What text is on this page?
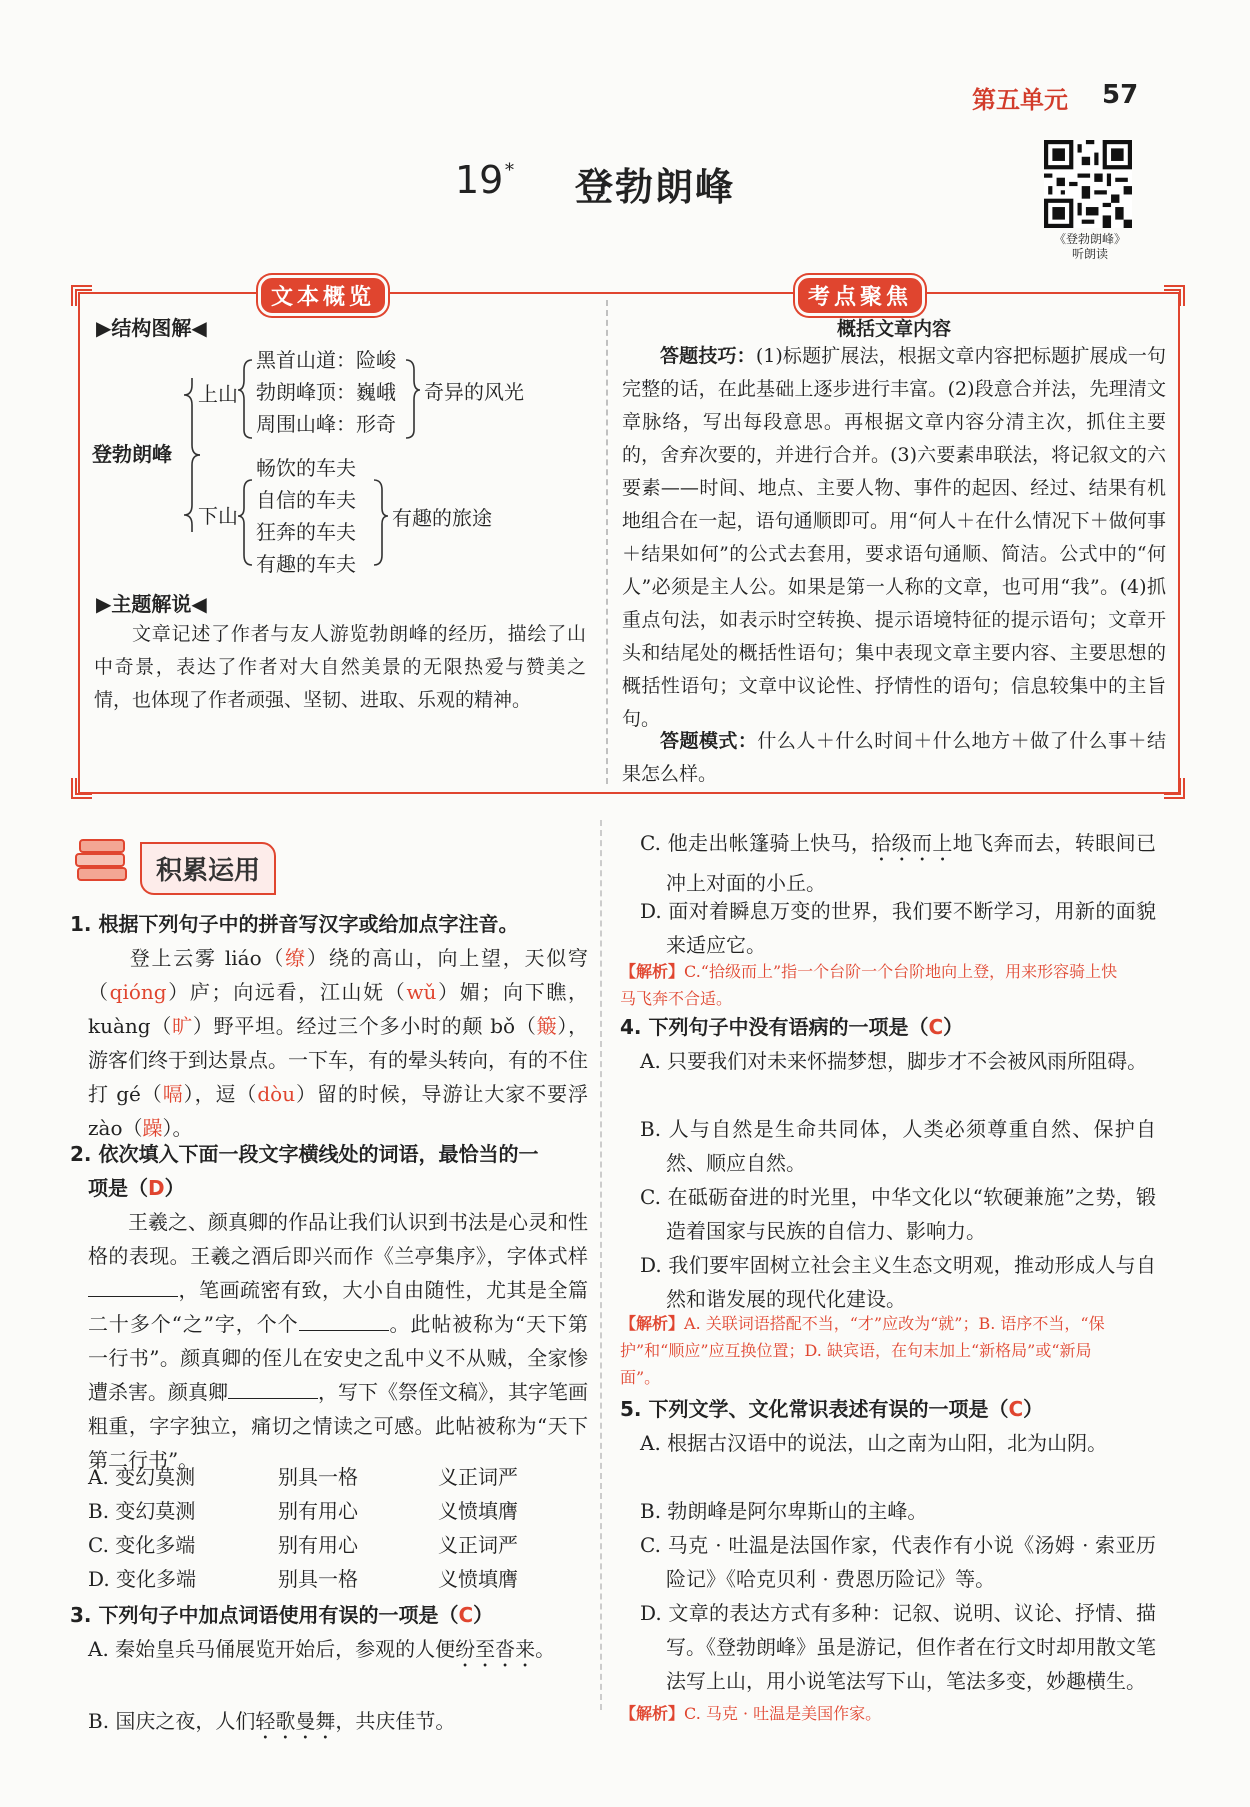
第五单元 57
19 * 登勃朗峰
《登勃朗峰》
听朗读
文本概览	考点聚焦
▶结构图解◀
登勃朗峰
上山
下山
黑首山道：险峻
勃朗峰顶：巍峨
周围山峰：形奇
奇异的风光
畅饮的车夫
自信的车夫
狂奔的车夫
有趣的车夫
有趣的旅途
▶主题解说◀
文章记述了作者与友人游览勃朗峰的经历，描绘了山中奇景，表达了作者对大自然美景的无限热爱与赞美之情，也体现了作者顽强、坚韧、进取、乐观的精神。
概括文章内容
答题技巧：(1)标题扩展法，根据文章内容把标题扩展成一句完整的话，在此基础上逐步进行丰富。(2)段意合并法，先理清文章脉络，写出每段意思。再根据文章内容分清主次，抓住主要的，舍弃次要的，并进行合并。(3)六要素串联法，将记叙文的六要素——时间、地点、主要人物、事件的起因、经过、结果有机地组合在一起，语句通顺即可。用“何人＋在什么情况下＋做何事＋结果如何”的公式去套用，要求语句通顺、简洁。公式中的“何人”必须是主人公。如果是第一人称的文章，也可用“我”。(4)抓重点句法，如表示时空转换、提示语境特征的提示语句；文章开头和结尾处的概括性语句；集中表现文章主要内容、主要思想的概括性语句；文章中议论性、抒情性的语句；信息较集中的主旨句。
答题模式：什么人＋什么时间＋什么地方＋做了什么事＋结果怎么样。
积累运用
1. 根据下列句子中的拼音写汉字或给加点字注音。
登上云雾 liáo（缭）绕的高山，向上望，天似穹（qióng）庐；向远看，江山妩（wǔ）媚；向下瞧，kuàng（旷）野平坦。经过三个多小时的颠 bǒ（簸），游客们终于到达景点。一下车，有的晕头转向，有的不住打 gé（嗝），逗（dòu）留的时候，导游让大家不要浮 zào（躁）。
2. 依次填入下面一段文字横线处的词语，最恰当的一
项是（D）
王羲之、颜真卿的作品让我们认识到书法是心灵和性格的表现。王羲之酒后即兴而作《兰亭集序》，字体式样，笔画疏密有致，大小自由随性，尤其是全篇二十多个“之”字，个个	。此帖被称为“天下第一行书”。颜真卿的侄儿在安史之乱中义不从贼，全家惨遭杀害。颜真卿	，写下《祭侄文稿》，其字笔画粗重，字字独立，痛切之情读之可感。此帖被称为“天下第二行书”。
A. 变幻莫测	别具一格	义正词严
B. 变幻莫测	别有用心	义愤填膺
C. 变化多端	别有用心	义正词严
D. 变化多端	别具一格	义愤填膺
3. 下列句子中加点词语使用有误的一项是（C）
A. 秦始皇兵马俑展览开始后，参观的人便纷至沓来。
B. 国庆之夜，人们轻歌曼舞，共庆佳节。
C. 他走出帐篷骑上快马，拾级而上地飞奔而去，转眼间已冲上对面的小丘。
D. 面对着瞬息万变的世界，我们要不断学习，用新的面貌来适应它。
【解析】C.“拾级而上”指一个台阶一个台阶地向上登，用来形容骑上快马飞奔不合适。
4. 下列句子中没有语病的一项是（C）
A. 只要我们对未来怀揣梦想，脚步才不会被风雨所阻碍。
B. 人与自然是生命共同体，人类必须尊重自然、保护自然、顺应自然。
C. 在砥砺奋进的时光里，中华文化以“软硬兼施”之势，锻造着国家与民族的自信力、影响力。
D. 我们要牢固树立社会主义生态文明观，推动形成人与自然和谐发展的现代化建设。
【解析】A. 关联词语搭配不当，“才”应改为“就”；B. 语序不当，“保护”和“顺应”应互换位置；D. 缺宾语，在句末加上“新格局”或“新局面”。
5. 下列文学、文化常识表述有误的一项是（C）
A. 根据古汉语中的说法，山之南为山阳，北为山阴。
B. 勃朗峰是阿尔卑斯山的主峰。
C. 马克 · 吐温是法国作家，代表作有小说《汤姆 · 索亚历险记》《哈克贝利 · 费恩历险记》等。
D. 文章的表达方式有多种：记叙、说明、议论、抒情、描写。《登勃朗峰》虽是游记，但作者在行文时却用散文笔法写上山，用小说笔法写下山，笔法多变，妙趣横生。
【解析】C. 马克 · 吐温是美国作家。
